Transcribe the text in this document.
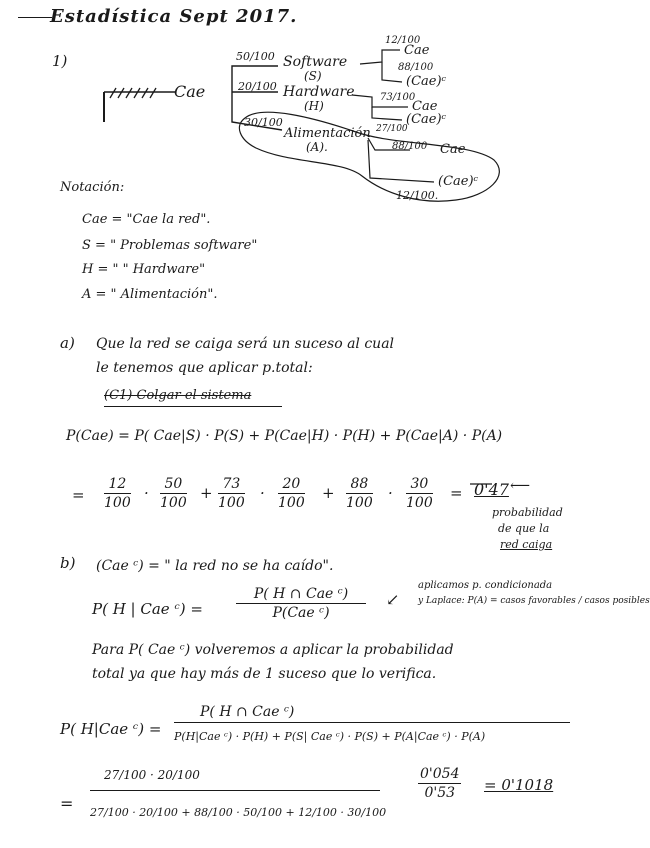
Estadística Sept 2017.
1)
Cae
50/100 Software
(S)
12/100
Cae
88/100
(Cae)ᶜ
20/100 Hardware
(H)
73/100
Cae
27/100
(Cae)ᶜ
30/100
Alimentación
(A).	88/100 Cae
12/100.
(Cae)ᶜ
Notación:
Cae = "Cae la red".
S = " Problemas software"
H = " " Hardware"
A = " Alimentación".
a) Que la red se caiga será un suceso al cual
le tenemos que aplicar p.total:
(C1) Colgar el sistema
P(Cae) = P( Cae|S) · P(S) + P(Cae|H) · P(H) + P(Cae|A) · P(A)
=
12
100
· 50
100
+ 73
100
· 20
100
+ 88
100
· 30
100
= 0'47 ⟵
probabilidad
de que la
red caiga
b) (Cae ᶜ) = " la red no se ha caído".
P( H | Cae ᶜ) =
P( H ∩ Cae ᶜ)
P(Cae ᶜ)
↙
aplicamos p. condicionada
y Laplace: P(A) = casos favorables / casos posibles
Para P( Cae ᶜ) volveremos a aplicar la probabilidad
total ya que hay más de 1 suceso que lo verifica.
P( H|Cae ᶜ) =
P( H ∩ Cae ᶜ)
P(H|Cae ᶜ) · P(H) + P(S| Cae ᶜ) · P(S) + P(A|Cae ᶜ) · P(A)
=
27/100 · 20/100
27/100 · 20/100 + 88/100 · 50/100 + 12/100 · 30/100
0'054
0'53 = 0'1018
